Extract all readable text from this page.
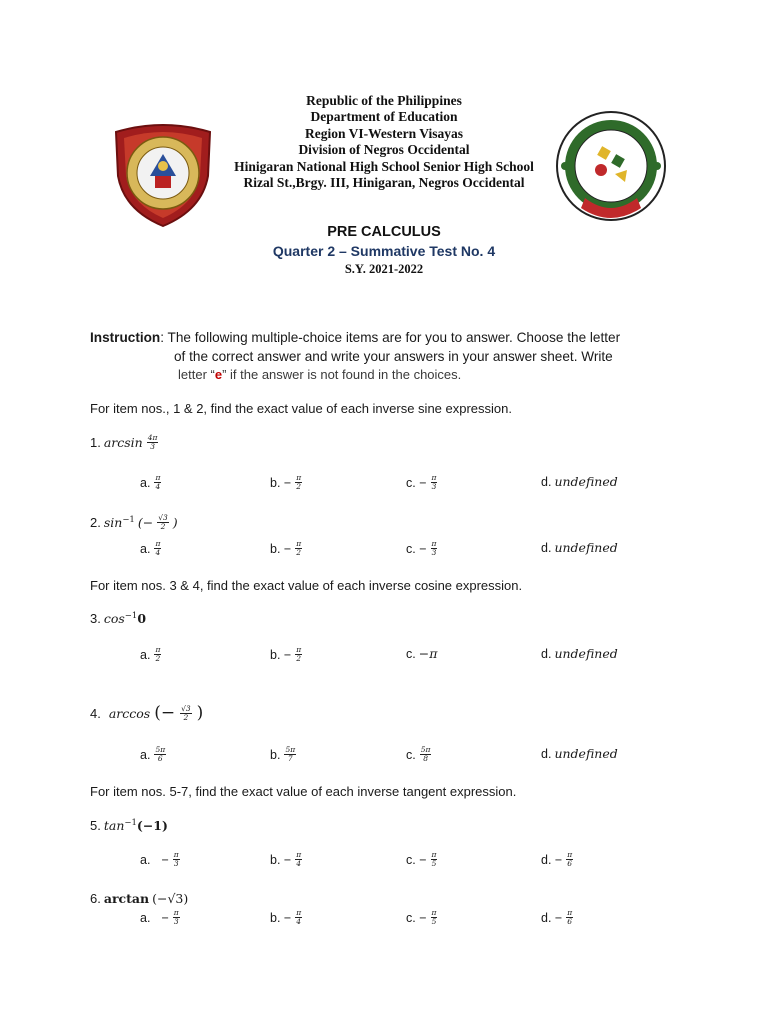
Republic of the Philippines
Department of Education
Region VI-Western Visayas
Division of Negros Occidental
Hinigaran National High School Senior High School
Rizal St.,Brgy. III, Hinigaran, Negros Occidental
PRE CALCULUS
Quarter 2 – Summative Test No. 4
S.Y. 2021-2022
Instruction: The following multiple-choice items are for you to answer. Choose the letter
of the correct answer and write your answers in your answer sheet. Write
letter “e” if the answer is not found in the choices.
For item nos., 1 & 2, find the exact value of each inverse sine expression.
1. $\arcsin \frac{4\pi}{3}$
a. $\frac{\pi}{4}$	b. − $\frac{\pi}{2}$	c. − $\frac{\pi}{3}$	d. undefined
2. $\sin^{-1}$ (− $\frac{√3}{2}$ )
a. $\frac{\pi}{4}$	b. − $\frac{\pi}{2}$	c. − $\frac{\pi}{3}$	d. undefined
For item nos. 3 & 4, find the exact value of each inverse cosine expression.
3. $\cos^{-1}0$
a. $\frac{\pi}{2}$	b. − $\frac{\pi}{2}$	c. −π	d. undefined
4. arccos (− $\frac{√3}{2}$ )
a. $\frac{5\pi}{6}$	b. $\frac{5\pi}{7}$	c. $\frac{5\pi}{8}$	d. undefined
For item nos. 5-7, find the exact value of each inverse tangent expression.
5. $\tan^{-1}(-1)$
a. − $\frac{\pi}{3}$	b. − $\frac{\pi}{4}$	c. − $\frac{\pi}{5}$	d. − $\frac{\pi}{6}$
6. arctan (−√3)
a. − $\frac{\pi}{3}$	b. − $\frac{\pi}{4}$	c. − $\frac{\pi}{5}$	d. − $\frac{\pi}{6}$
